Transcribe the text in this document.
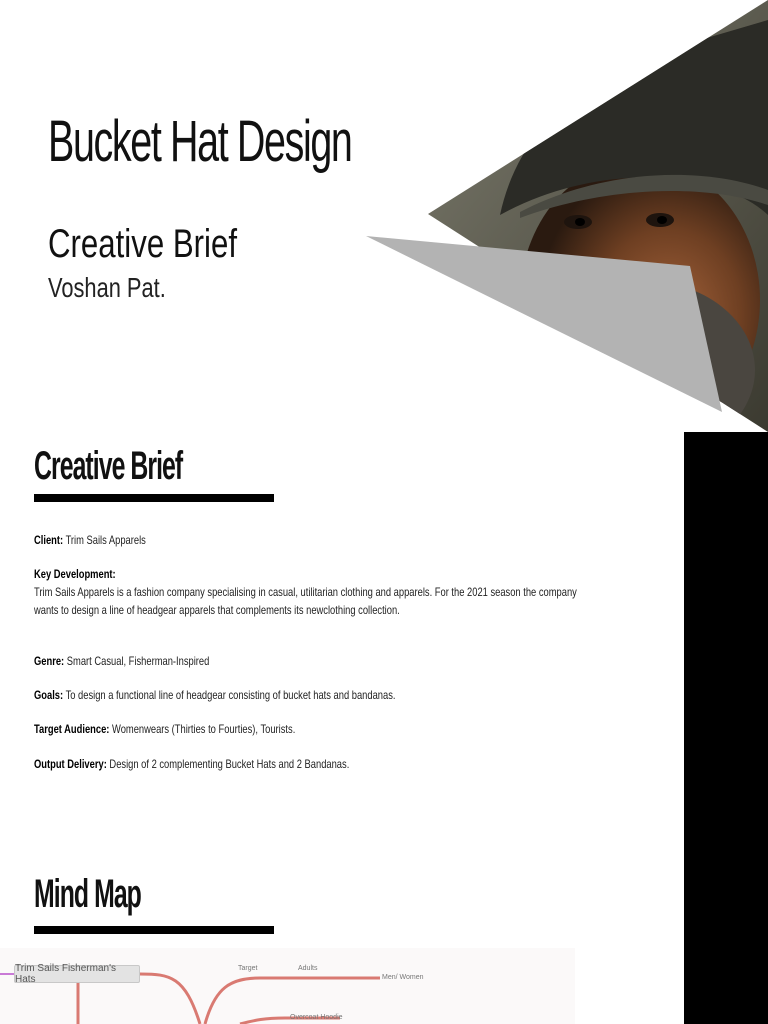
Bucket Hat Design
Creative Brief
Voshan Pat.
Creative Brief
Client: Trim Sails Apparels
Key Development:
Trim Sails Apparels is a fashion company specialising in casual, utilitarian clothing and apparels. For the 2021 season the company
wants to design a line of headgear apparels that complements its newclothing collection.
Genre: Smart Casual, Fisherman-Inspired
Goals: To design a functional line of headgear consisting of bucket hats and bandanas.
Target Audience: Womenwears (Thirties to Fourties), Tourists.
Output Delivery: Design of 2 complementing Bucket Hats and 2 Bandanas.
Mind Map
Trim Sails Fisherman's Hats
Target	Adults
Men/ Women
Overcoat Hoodie
